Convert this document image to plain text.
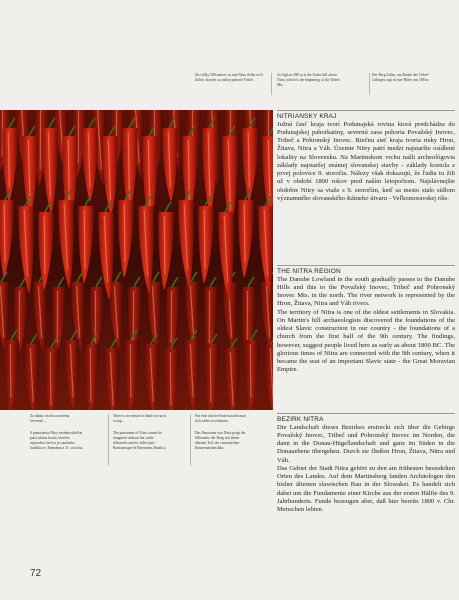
Do výšky 588 metrov sa nad Nitru dvíha vrch Zobor, ktorým sa začína pohorie Tribeč.
As high as 588 m is the Zobor hill above Nitra, which is the beginning of the Tribeč Mts.
Der Berg Zobor, am Rande des Tribeč-Gebirges ragt in eine Höhe von 588 m.
Za takúto úrodu sa netreba červenať...
S panorámou Nitry neodmysliteľne patrí silueta hradu, ktorého najstaršou časťou je románska bazilika sv. Emeráma z 11. storočia.
There is no reason to blush for such a crop...
The panorama of Nitra cannot be imagined without the castle silhouette and its oldest part - Romanesque St Emeramus Basilica
Für eine solche Ernte braucht man sich nicht zu schämen.
Das Panorama von Nitra prägt die Silhouette der Burg mit ihrem ältesten Teil, der romanischen Emmeramsbasilika.
NITRIANSKY KRAJ

Južnú časť kraja tvorí Podunajská rovina ktorá predchádza do Podunajskej pahorkatiny, severnú zasa pohoria Považský Inovec, Tribeč a Pohronský Inovec. Riečnu sieť kraja tvoria rieky Hron, Žitava, Nitra a Váh. Územie Nitry patrí medzi najstaršie osídlené lokality na Slovensku. Na Martinskom vrchu našli archeológovia základy najstaršej známej slovanskej stavby - základy kostola z prvej polovice 9. storočia. Nálezy však dokazujú, že ľudia tu žili už v období 1800 rokov pred naším letopočtom. Najslávnejšie obdobie Nitry sa viaže s 9. storočím, keď sa mesto stalo sídlom významného slovanského štátneho útvaru - Veľkomoravskej ríše.

THE NITRA REGION

The Danube Lowland in the south gradually passes to the Danube Hills and this to the Považský Inovec, Tribeč and Pohronský Inovec Mts. in the north. The river network is represented by the Hron, Žitava, Nitra and Váh rivers.

The territory of Nitra is one of the oldest settlements in Slovakia. On Martin's hill archaeologists discovered the foundations of the oldest Slavic construction in our country - the foundations of a church from the first half of the 9th century. The findings, however, suggest people lived here as early as about 1800 BC. The glorious times of Nitra are connected with the 9th century, when it became the seat of an important Slavic state - the Great Moravian Empire.

BEZIRK NITRA

Die Landschaft dieses Bezirkes erstreckt sich über die Gebirge Považský Inovec, Tribeč und Pohronský Inovec im Norden, die dann in die Donau-Hügellandschaft und ganz im Süden in die Donauebene übergehen. Durch sie fließen Hron, Žitava, Nitra und Váh.

Das Gebiet der Stadt Nitra gehört zu den am frühesten besiedelten Orten des Landes. Auf dem Martinsberg fanden Archäologen den bisher ältesten slawischen Bau in der Slowakei. Es handelt sich dabei um die Fundamente einer Kirche aus der ersten Hälfte des 9. Jahrhunderts. Funde bezeugen aber, daß hier bereits 1800 v. Chr. Menschen lebten.

72
